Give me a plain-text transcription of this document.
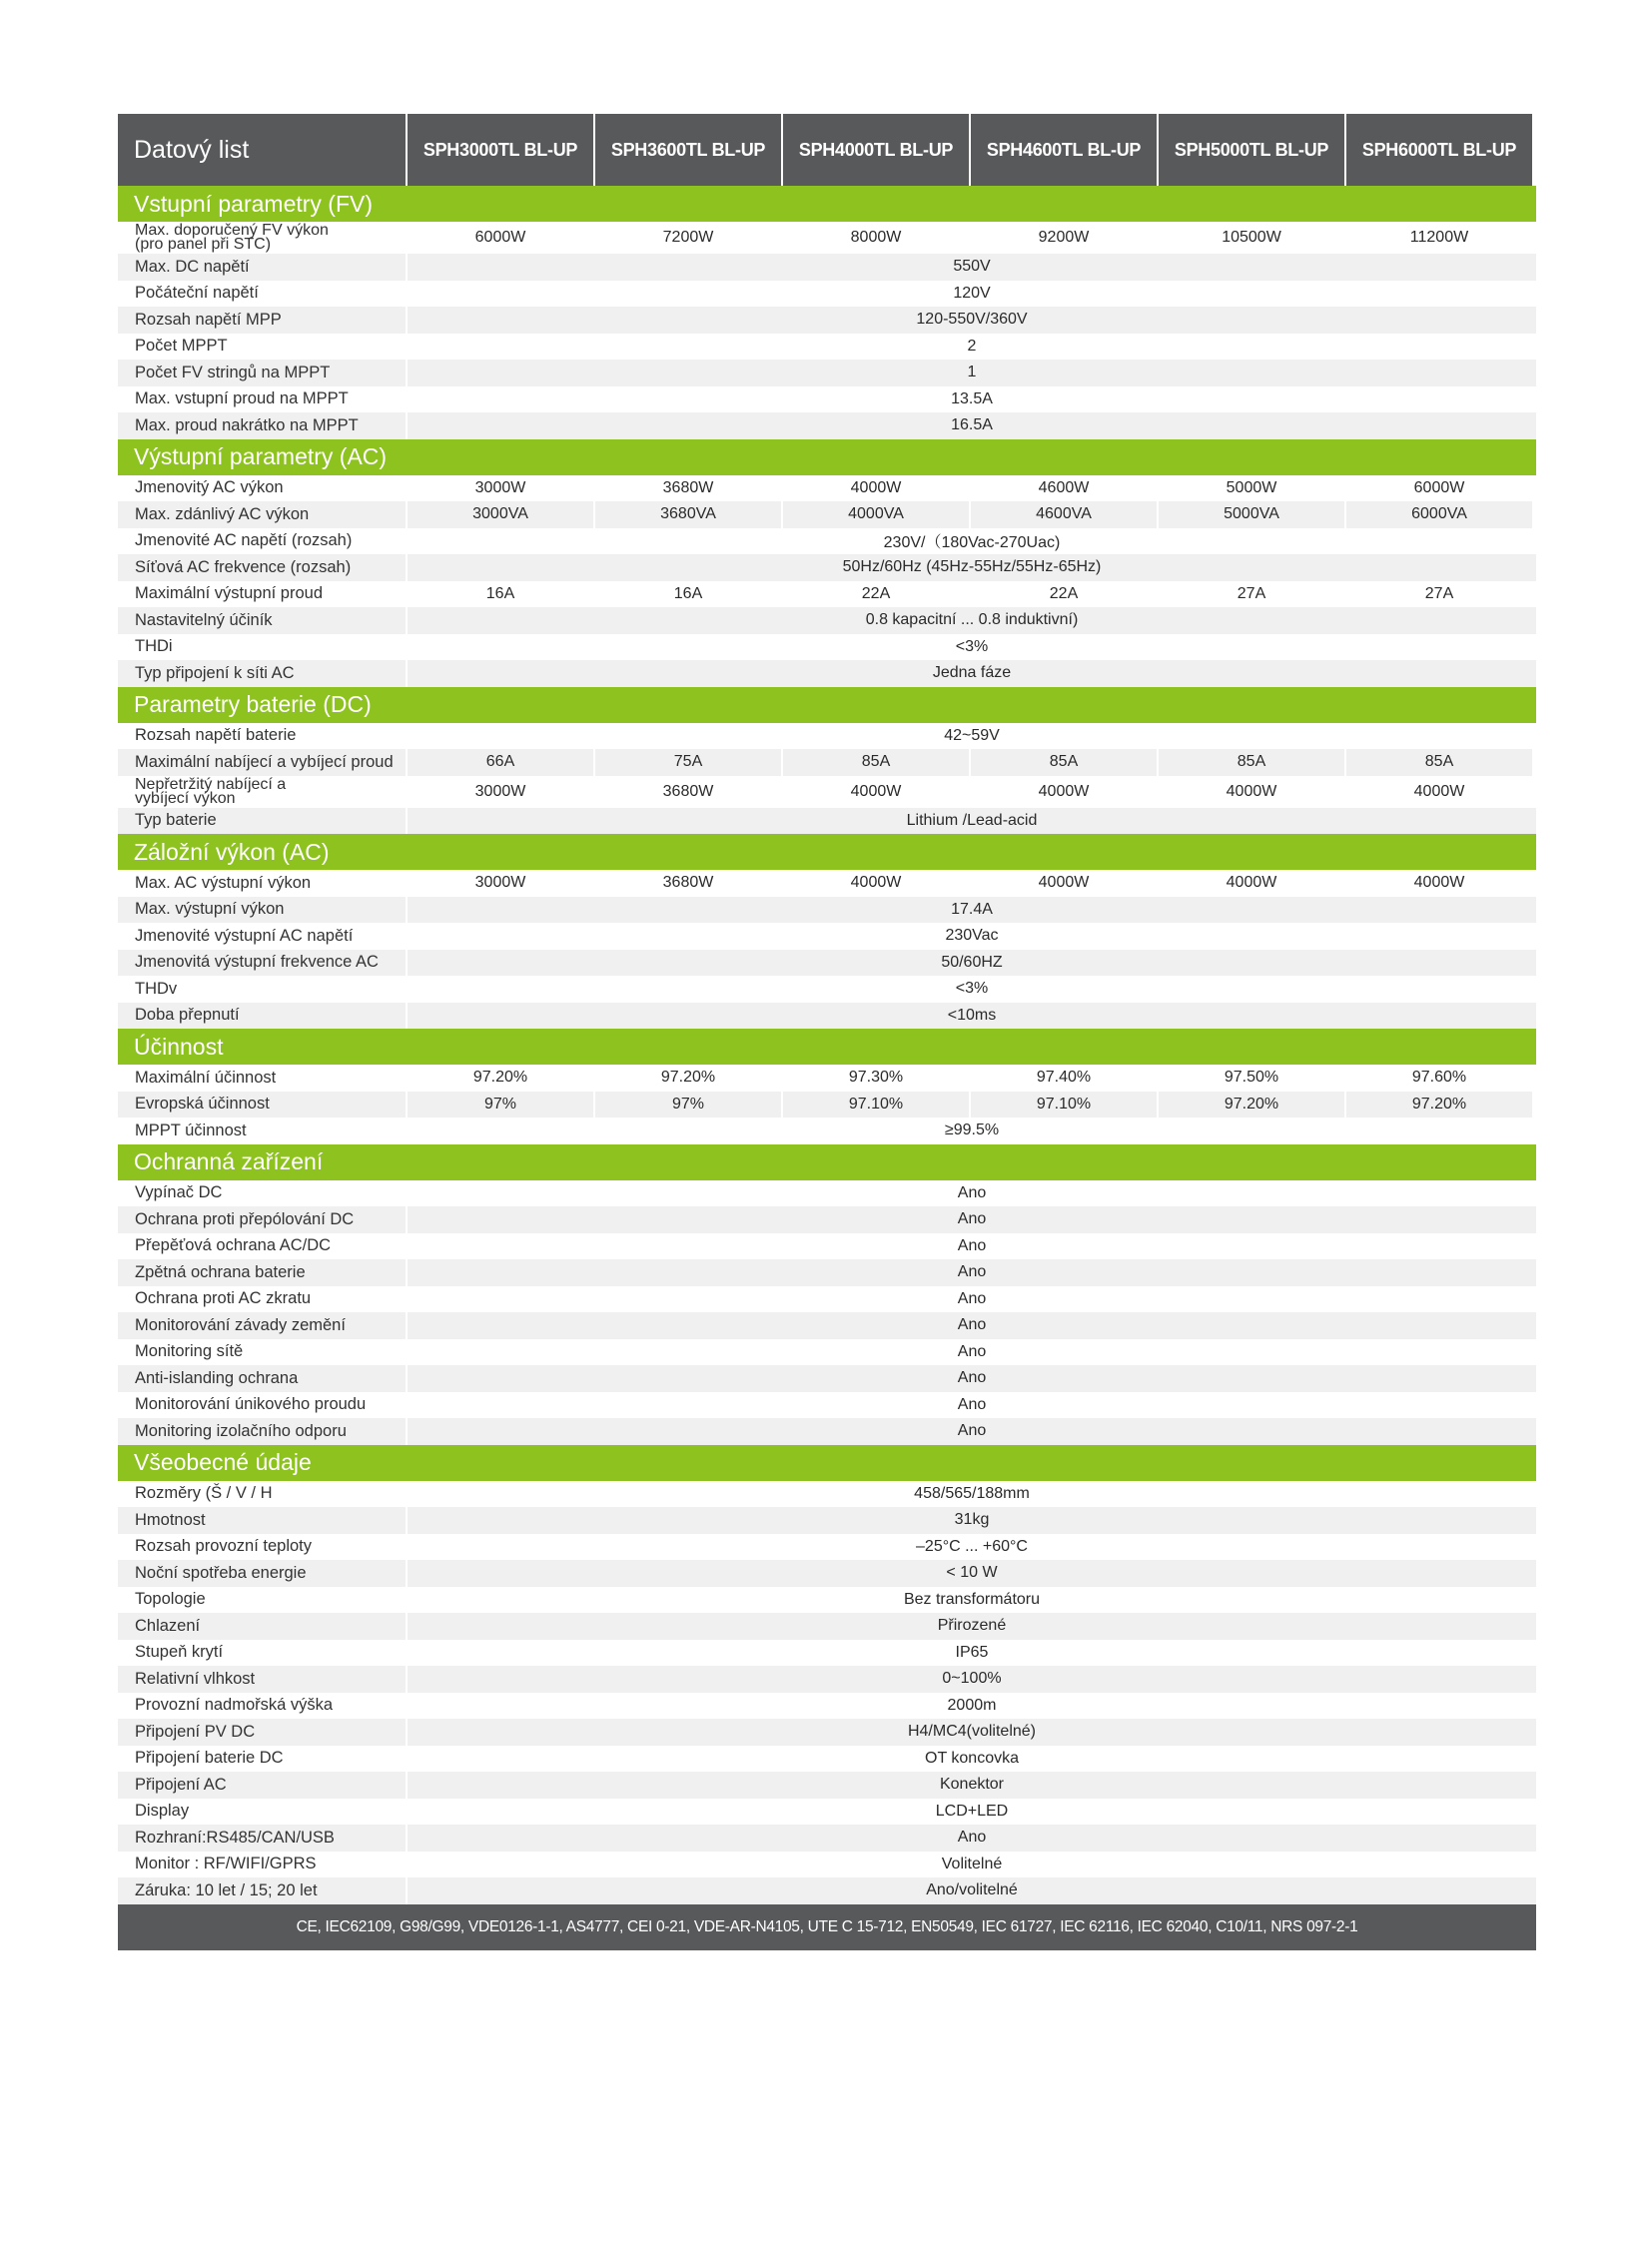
Datový list	SPH3000TL BL-UP	SPH3600TL BL-UP	SPH4000TL BL-UP	SPH4600TL BL-UP	SPH5000TL BL-UP	SPH6000TL BL-UP
Vstupní parametry (FV)
Max. doporučený FV výkon
(pro panel při STC)	6000W	7200W	8000W	9200W	10500W	11200W
Max. DC napětí	550V
Počáteční napětí	120V
Rozsah napětí MPP	120-550V/360V
Počet MPPT	2
Počet FV stringů na MPPT	1
Max. vstupní proud na MPPT	13.5A
Max. proud nakrátko na MPPT	16.5A
Výstupní parametry (AC)
Jmenovitý AC výkon	3000W	3680W	4000W	4600W	5000W	6000W
Max. zdánlivý AC výkon	3000VA	3680VA	4000VA	4600VA	5000VA	6000VA
Jmenovité AC napětí (rozsah)	230V/（180Vac-270Uac)
Síťová AC frekvence (rozsah)	50Hz/60Hz (45Hz-55Hz/55Hz-65Hz)
Maximální výstupní proud	16A	16A	22A	22A	27A	27A
Nastavitelný účiník	0.8 kapacitní ... 0.8 induktivní)
THDi	<3%
Typ připojení k síti AC	Jedna fáze
Parametry baterie (DC)
Rozsah napětí baterie	42~59V
Maximální nabíjecí a vybíjecí proud	66A	75A	85A	85A	85A	85A
Nepřetržitý nabíjecí a
vybíjecí výkon	3000W	3680W	4000W	4000W	4000W	4000W
Typ baterie	Lithium /Lead-acid
Záložní výkon (AC)
Max. AC výstupní výkon	3000W	3680W	4000W	4000W	4000W	4000W
Max. výstupní výkon	17.4A
Jmenovité výstupní AC napětí	230Vac
Jmenovitá výstupní frekvence AC	50/60HZ
THDv	<3%
Doba přepnutí	<10ms
Účinnost
Maximální účinnost	97.20%	97.20%	97.30%	97.40%	97.50%	97.60%
Evropská účinnost	97%	97%	97.10%	97.10%	97.20%	97.20%
MPPT účinnost	≥99.5%
Ochranná zařízení
Vypínač DC	Ano
Ochrana proti přepólování DC	Ano
Přepěťová ochrana AC/DC	Ano
Zpětná ochrana baterie	Ano
Ochrana proti AC zkratu	Ano
Monitorování závady zemění	Ano
Monitoring sítě	Ano
Anti-islanding ochrana	Ano
Monitorování únikového proudu	Ano
Monitoring izolačního odporu	Ano
Všeobecné údaje
Rozměry (Š / V / H	458/565/188mm
Hmotnost	31kg
Rozsah provozní teploty	–25°C ... +60°C
Noční spotřeba energie	< 10 W
Topologie	Bez transformátoru
Chlazení	Přirozené
Stupeň krytí	IP65
Relativní vlhkost	0~100%
Provozní nadmořská výška	2000m
Připojení PV DC	H4/MC4(volitelné)
Připojení baterie DC	OT koncovka
Připojení AC	Konektor
Display	LCD+LED
Rozhraní:RS485/CAN/USB	Ano
Monitor : RF/WIFI/GPRS	Volitelné
Záruka: 10 let / 15; 20 let	Ano/volitelné
CE, IEC62109, G98/G99, VDE0126-1-1, AS4777, CEI 0-21, VDE-AR-N4105, UTE C 15-712, EN50549, IEC 61727, IEC 62116, IEC 62040, C10/11, NRS 097-2-1
